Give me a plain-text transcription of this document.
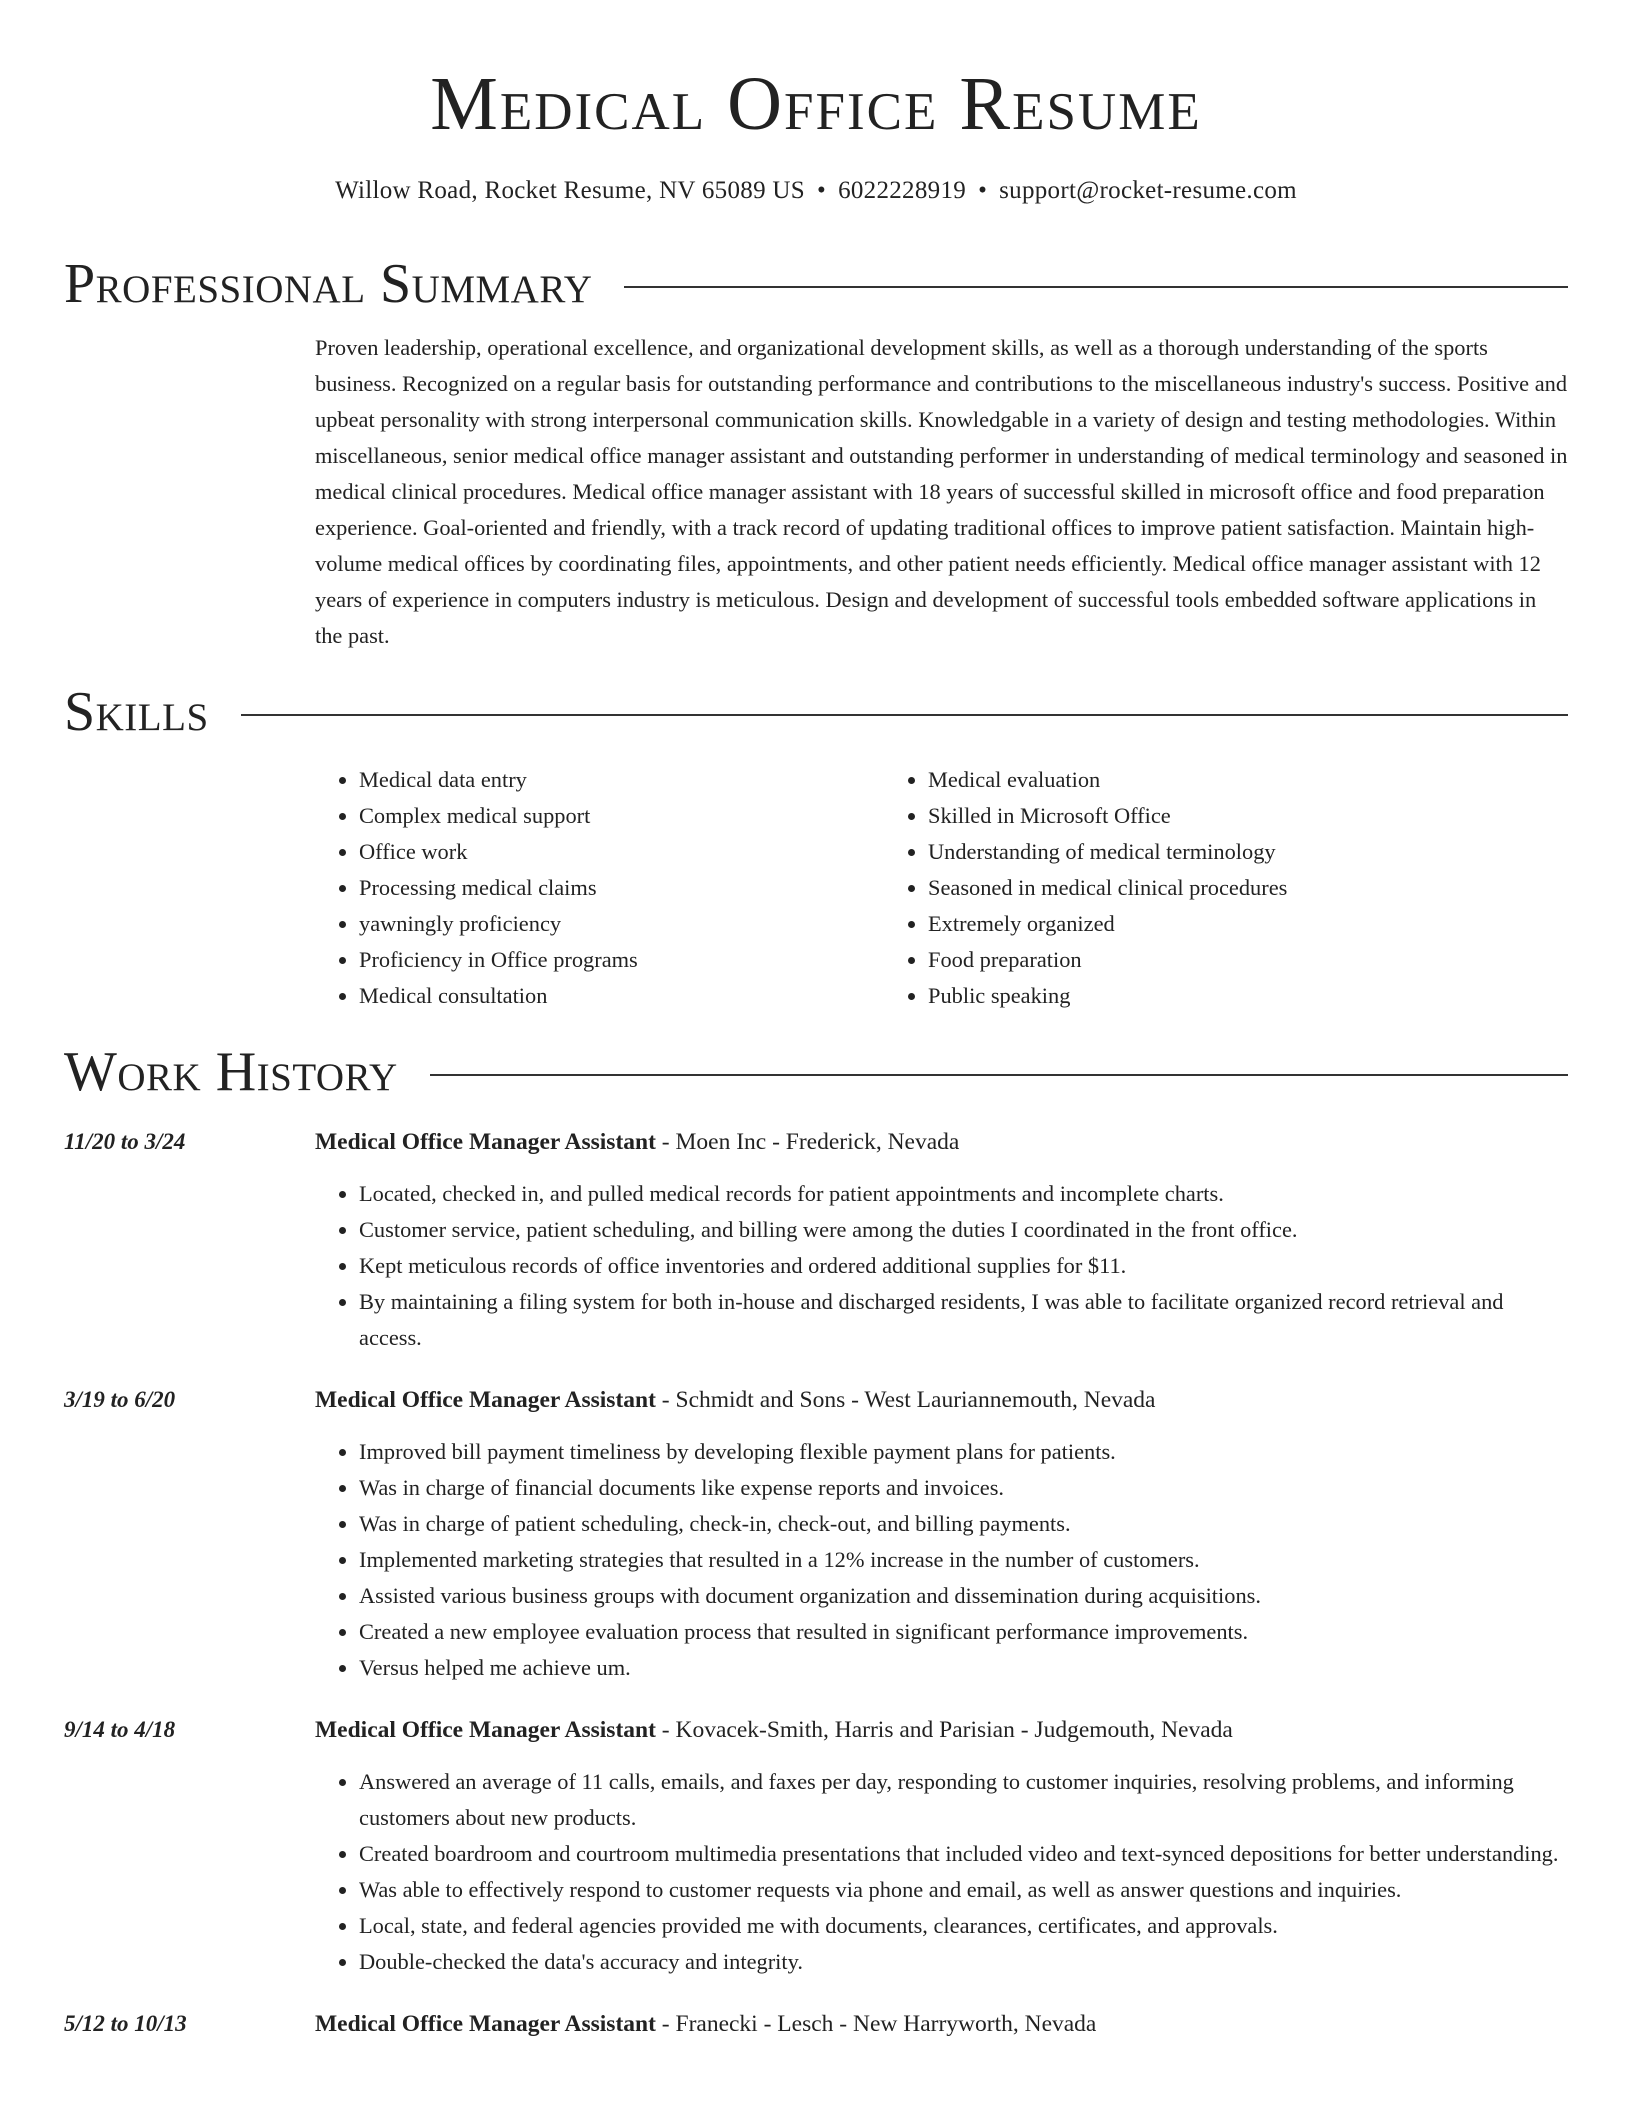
Medical Office Resume
Willow Road, Rocket Resume, NV 65089 US • 6022228919 • support@rocket-resume.com
Professional Summary
Proven leadership, operational excellence, and organizational development skills, as well as a thorough understanding of the sports business. Recognized on a regular basis for outstanding performance and contributions to the miscellaneous industry's success. Positive and upbeat personality with strong interpersonal communication skills. Knowledgable in a variety of design and testing methodologies. Within miscellaneous, senior medical office manager assistant and outstanding performer in understanding of medical terminology and seasoned in medical clinical procedures. Medical office manager assistant with 18 years of successful skilled in microsoft office and food preparation experience. Goal-oriented and friendly, with a track record of updating traditional offices to improve patient satisfaction. Maintain high-volume medical offices by coordinating files, appointments, and other patient needs efficiently. Medical office manager assistant with 12 years of experience in computers industry is meticulous. Design and development of successful tools embedded software applications in the past.
Skills
• Medical data entry
• Complex medical support
• Office work
• Processing medical claims
• yawningly proficiency
• Proficiency in Office programs
• Medical consultation
• Medical evaluation
• Skilled in Microsoft Office
• Understanding of medical terminology
• Seasoned in medical clinical procedures
• Extremely organized
• Food preparation
• Public speaking
Work History
11/20 to 3/24	Medical Office Manager Assistant - Moen Inc - Frederick, Nevada
• Located, checked in, and pulled medical records for patient appointments and incomplete charts.
• Customer service, patient scheduling, and billing were among the duties I coordinated in the front office.
• Kept meticulous records of office inventories and ordered additional supplies for $11.
• By maintaining a filing system for both in-house and discharged residents, I was able to facilitate organized record retrieval and access.
3/19 to 6/20	Medical Office Manager Assistant - Schmidt and Sons - West Lauriannemouth, Nevada
• Improved bill payment timeliness by developing flexible payment plans for patients.
• Was in charge of financial documents like expense reports and invoices.
• Was in charge of patient scheduling, check-in, check-out, and billing payments.
• Implemented marketing strategies that resulted in a 12% increase in the number of customers.
• Assisted various business groups with document organization and dissemination during acquisitions.
• Created a new employee evaluation process that resulted in significant performance improvements.
• Versus helped me achieve um.
9/14 to 4/18	Medical Office Manager Assistant - Kovacek-Smith, Harris and Parisian - Judgemouth, Nevada
• Answered an average of 11 calls, emails, and faxes per day, responding to customer inquiries, resolving problems, and informing customers about new products.
• Created boardroom and courtroom multimedia presentations that included video and text-synced depositions for better understanding.
• Was able to effectively respond to customer requests via phone and email, as well as answer questions and inquiries.
• Local, state, and federal agencies provided me with documents, clearances, certificates, and approvals.
• Double-checked the data's accuracy and integrity.
5/12 to 10/13	Medical Office Manager Assistant - Franecki - Lesch - New Harryworth, Nevada
